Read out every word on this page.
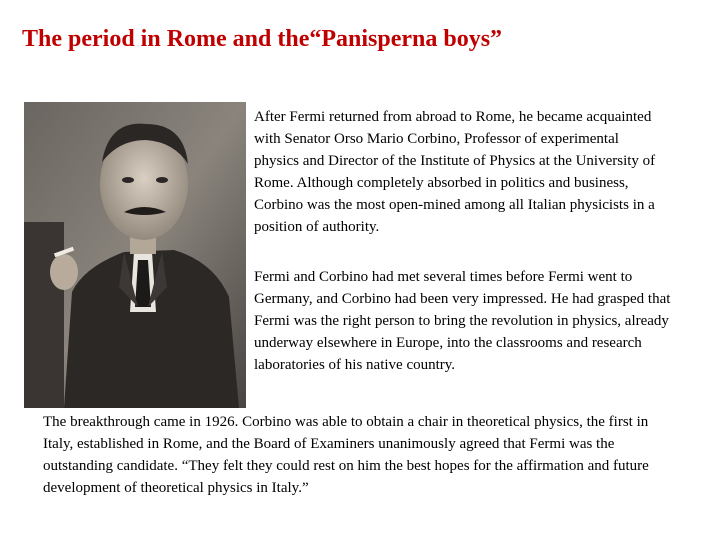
The period in Rome and the“Panisperna boys”

After Fermi returned from abroad to Rome, he became acquainted with Senator Orso Mario Corbino, Professor of experimental physics and Director of the Institute of Physics at the University of Rome. Although completely absorbed in politics and business, Corbino was the most open-mined among all Italian physicists in a position of authority.

Fermi and Corbino had met several times before Fermi went to Germany, and Corbino had been very impressed. He had grasped that Fermi was the right person to bring the revolution in physics, already underway elsewhere in Europe, into the classrooms and research laboratories of his native country.

The breakthrough came in 1926. Corbino was able to obtain a chair in theoretical physics, the first in Italy, established in Rome, and the Board of Examiners unanimously agreed that Fermi was the outstanding candidate. “They felt they could rest on him the best hopes for the affirmation and future development of theoretical physics in Italy.”
